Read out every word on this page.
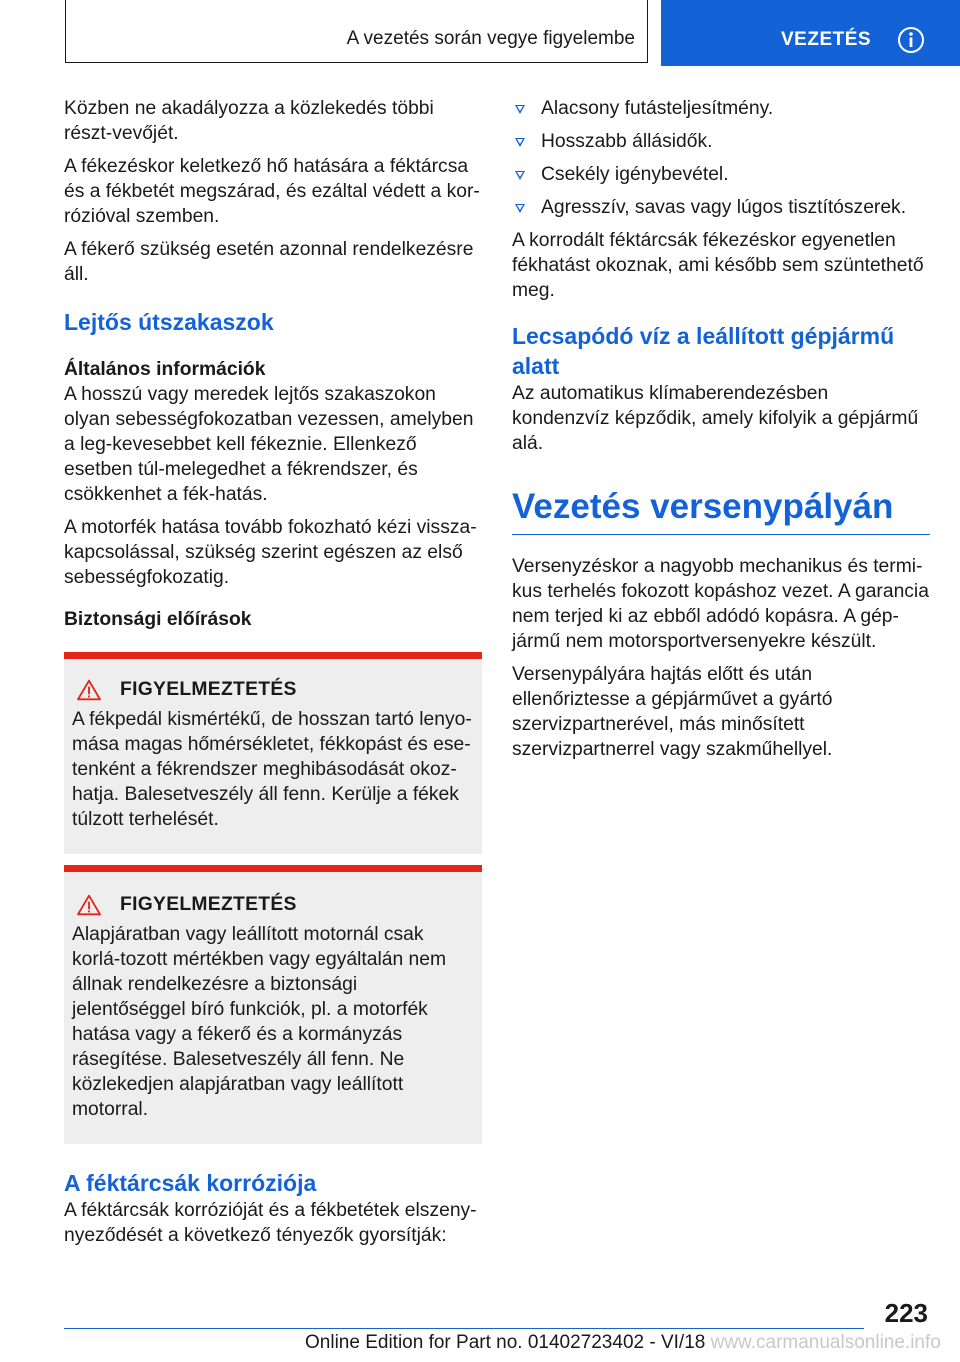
A vezetés során vegye figyelembe	VEZETÉS

Közben ne akadályozza a közlekedés többi részt-vevőjét.

A fékezéskor keletkező hő hatására a féktárcsa és a fékbetét megszárad, és ezáltal védett a kor-rózióval szemben.

A fékerő szükség esetén azonnal rendelkezésre áll.

Lejtős útszakaszok
Általános információk

A hosszú vagy meredek lejtős szakaszokon olyan sebességfokozatban vezessen, amelyben a leg-kevesebbet kell fékeznie. Ellenkező esetben túl-melegedhet a fékrendszer, és csökkenhet a fék-hatás.

A motorfék hatása tovább fokozható kézi vissza-kapcsolással, szükség szerint egészen az első sebességfokozatig.

Biztonsági előírások
FIGYELMEZTETÉS

A fékpedál kismértékű, de hosszan tartó lenyo-mása magas hőmérsékletet, fékkopást és ese-tenként a fékrendszer meghibásodását okoz-hatja. Balesetveszély áll fenn. Kerülje a fékek túlzott terhelését.

FIGYELMEZTETÉS

Alapjáratban vagy leállított motornál csak korlá-tozott mértékben vagy egyáltalán nem állnak rendelkezésre a biztonsági jelentőséggel bíró funkciók, pl. a motorfék hatása vagy a fékerő és a kormányzás rásegítése. Balesetveszély áll fenn. Ne közlekedjen alapjáratban vagy leállított motorral.

A féktárcsák korróziója

A féktárcsák korrózióját és a fékbetétek elszeny-nyeződését a következő tényezők gyorsítják:

Alacsony futásteljesítmény.
Hosszabb állásidők.
Csekély igénybevétel.
Agresszív, savas vagy lúgos tisztítószerek.

A korrodált féktárcsák fékezéskor egyenetlen fékhatást okoznak, ami később sem szüntethető meg.

Lecsapódó víz a leállított gépjármű alatt

Az automatikus klímaberendezésben kondenzvíz képződik, amely kifolyik a gépjármű alá.

Vezetés versenypályán

Versenyzéskor a nagyobb mechanikus és termi-kus terhelés fokozott kopáshoz vezet. A garancia nem terjed ki az ebből adódó kopásra. A gép-jármű nem motorsportversenyekre készült.

Versenypályára hajtás előtt és után ellenőriztesse a gépjárművet a gyártó szervizpartnerével, más minősített szervizpartnerrel vagy szakműhellyel.

223
Online Edition for Part no. 01402723402 - VI/18 www.carmanualsonline.info
